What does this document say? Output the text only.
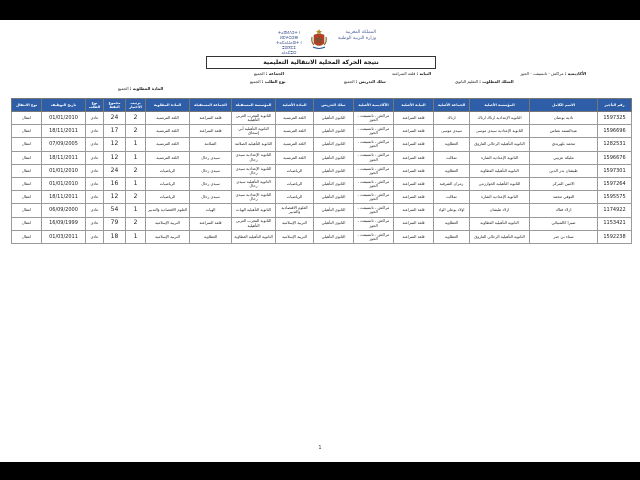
ⵜⴰⴳⵍⴷⵉⵜ ⵏ ⵍⵎⵖⵔⵉⴱ
ⵜⴰⵎⴰⵡⴰⵙⵜ ⵏ ⵓⵙⴳⵎⵉ
ⴰⵏⴰⵎⵓⵔ
المملكة المغربية
وزارة التربية الوطنية
نتيجة الحركة المحلية الانتقالية التعليمية
الأكاديمية : مراكش - تانسيفت - الحوز
النيابة : قلعة السراغنة
الجماعة : الجميع
السلك المطلوب : التعليم الثانوي
سلك التدريس : الجميع
نوع الطلب : الجميع
المادة المطلوبة : الجميع
رقم التأجير	الاسم الكامل	المؤسسة الأصلية	الجماعة الأصلية	النيابة الأصلية	الأكاديمية الأصلية	سلك التدريس	المادة الأصلية	المؤسسة المستقبلة	الجماعة المستقبلة	المادة المطلوبة	ترتيب الاختيار	مجموع النقط	نوع الطلب	تاريخ التوظيف	نوع الانتقال
1597325	نادية بوعنان	الثانوية الإعدادية ازناك ازناك	ازناك	قلعة السراغنة	مراكش - تانسيفت - الحوز	الثانوي التأهيلي	اللغة الفرنسية	الثانوية المغرب العربي التأهيلية	قلعة السراغنة	اللغة الفرنسية	2	24	عادي	01/01/2010	انتقال
1596696	عبدالصمد نعناس	الثانوية الإعدادية سيدي موسى	سيدي موسى	قلعة السراغنة	مراكش - تانسيفت - الحوز	الثانوي التأهيلي	اللغة الفرنسية	الثانوية التأهيلية أبي إسحاق	قلعة السراغنة	اللغة الفرنسية	2	17	عادي	18/11/2011	انتقال
1282531	محمد بلهريدي	الثانوية التأهيلية الرحالي الفاروق	العطاوية	قلعة السراغنة	مراكش - تانسيفت - الحوز	الثانوي التأهيلي	اللغة الفرنسية	الثانوية التأهيلية الصلاتنة	الصلاتنة	اللغة الفرنسية	1	12	عادي	07/09/2005	انتقال
1596676	مليكة عزيبي	الثانوية الإعدادية الشارة	تملالت	قلعة السراغنة	مراكش - تانسيفت - الحوز	الثانوي التأهيلي	اللغة الفرنسية	الثانوية الإعدادية سيدي رحال	سيدي رحال	اللغة الفرنسية	1	12	عادي	18/11/2011	انتقال
1597301	طيشان بدر الدين	الثانوية التأهيلية العطاوية	العطاوية	قلعة السراغنة	مراكش - تانسيفت - الحوز	الثانوي التأهيلي	الرياضيات	الثانوية الإعدادية سيدي رحال	سيدي رحال	الرياضيات	2	24	عادي	01/01/2010	انتقال
1597264	الامين المركز	الثانوية التأهيلية الخوارزمي	زمران الشرقية	قلعة السراغنة	مراكش - تانسيفت - الحوز	الثانوي التأهيلي	الرياضيات	الثانوية التأهيلية سيدي رحال	سيدي رحال	الرياضيات	1	16	عادي	01/01/2010	انتقال
1595575	التوفي محمد	الثانوية الإعدادية الشارة	تملالت	قلعة السراغنة	مراكش - تانسيفت - الحوز	الثانوي التأهيلي	الرياضيات	الثانوية الإعدادية سيدي رحال	سيدي رحال	الرياضيات	2	12	عادي	18/11/2011	انتقال
1174922	ازلاد فتاك	ازلاد طيشان	اولاد بوعلي الواد	قلعة السراغنة	مراكش - تانسيفت - الحوز	الثانوي التأهيلي	العلوم الاقتصادية والتدبير	الثانوية التأهيلية الهيات	الهيات	العلوم الاقتصادية والتدبير	1	54	عادي	06/09/2000	انتقال
1153421	صبرا كالمنيائي	الثانوية التأهيلية العطاوية	العطاوية	قلعة السراغنة	مراكش - تانسيفت - الحوز	الثانوي التأهيلي	التربية الإسلامية	الثانوية المغرب العربي التأهيلية	قلعة السراغنة	التربية الإسلامية	2	79	عادي	16/09/1999	انتقال
1592238	سناء بن جبر	الثانوية التأهيلية الرحالي الفاروق	العطاوية	قلعة السراغنة	مراكش - تانسيفت - الحوز	الثانوي التأهيلي	التربية الإسلامية	الثانوية التأهيلية العطاوية	العطاوية	التربية الإسلامية	1	18	عادي	01/03/2011	انتقال
1
